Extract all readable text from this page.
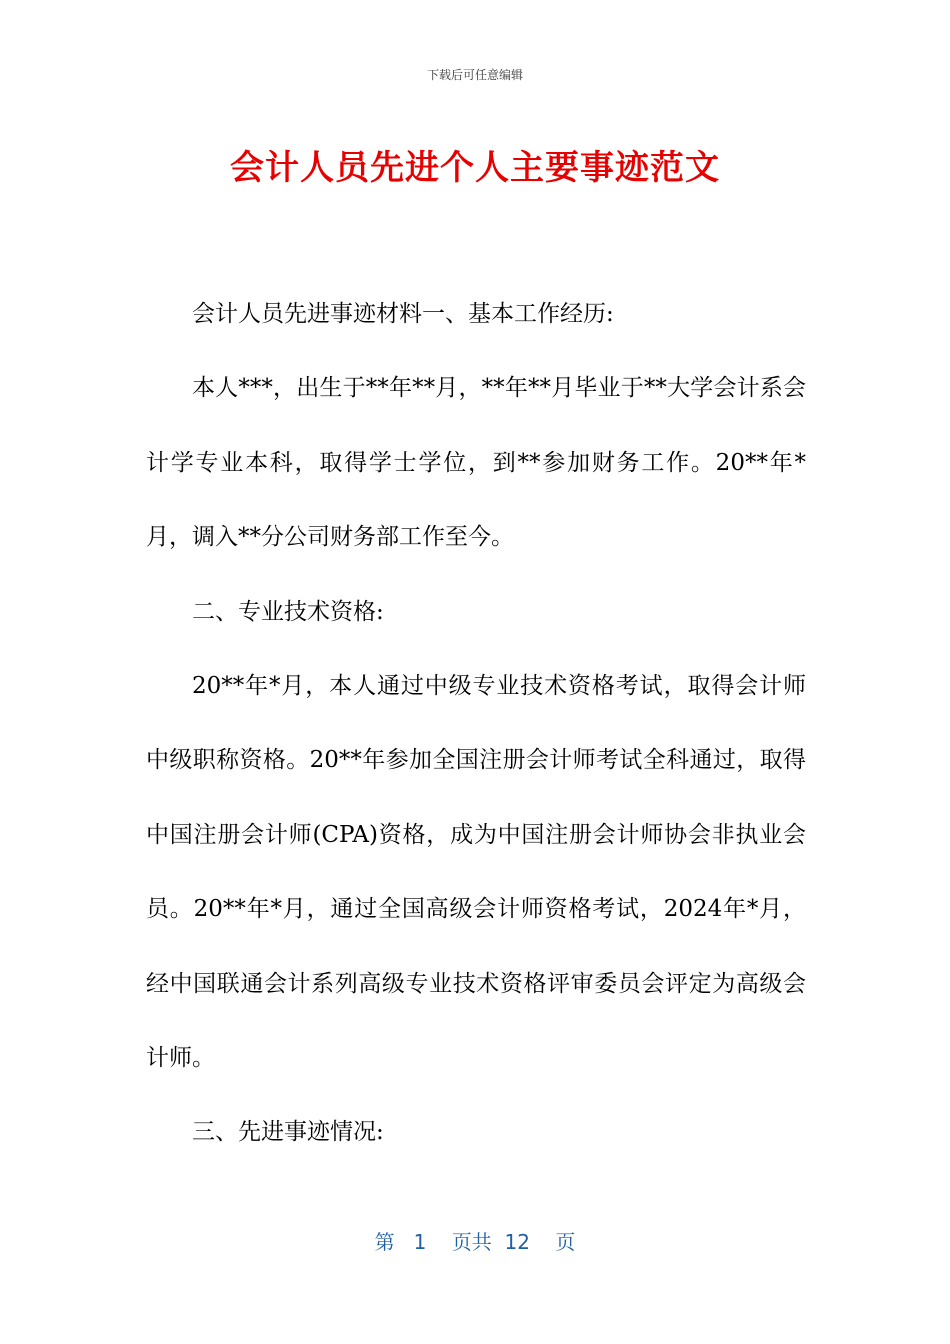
下载后可任意编辑
会计人员先进个人主要事迹范文

会计人员先进事迹材料一、基本工作经历:

本人***，出生于**年**月，**年**月毕业于**大学会计系会计学专业本科，取得学士学位，到**参加财务工作。20**年*月，调入**分公司财务部工作至今。

二、专业技术资格:

20**年*月，本人通过中级专业技术资格考试，取得会计师中级职称资格。20**年参加全国注册会计师考试全科通过，取得中国注册会计师(CPA)资格，成为中国注册会计师协会非执业会员。20**年*月，通过全国高级会计师资格考试，2024年*月，经中国联通会计系列高级专业技术资格评审委员会评定为高级会计师。

三、先进事迹情况:

第 1 页共 12 页
